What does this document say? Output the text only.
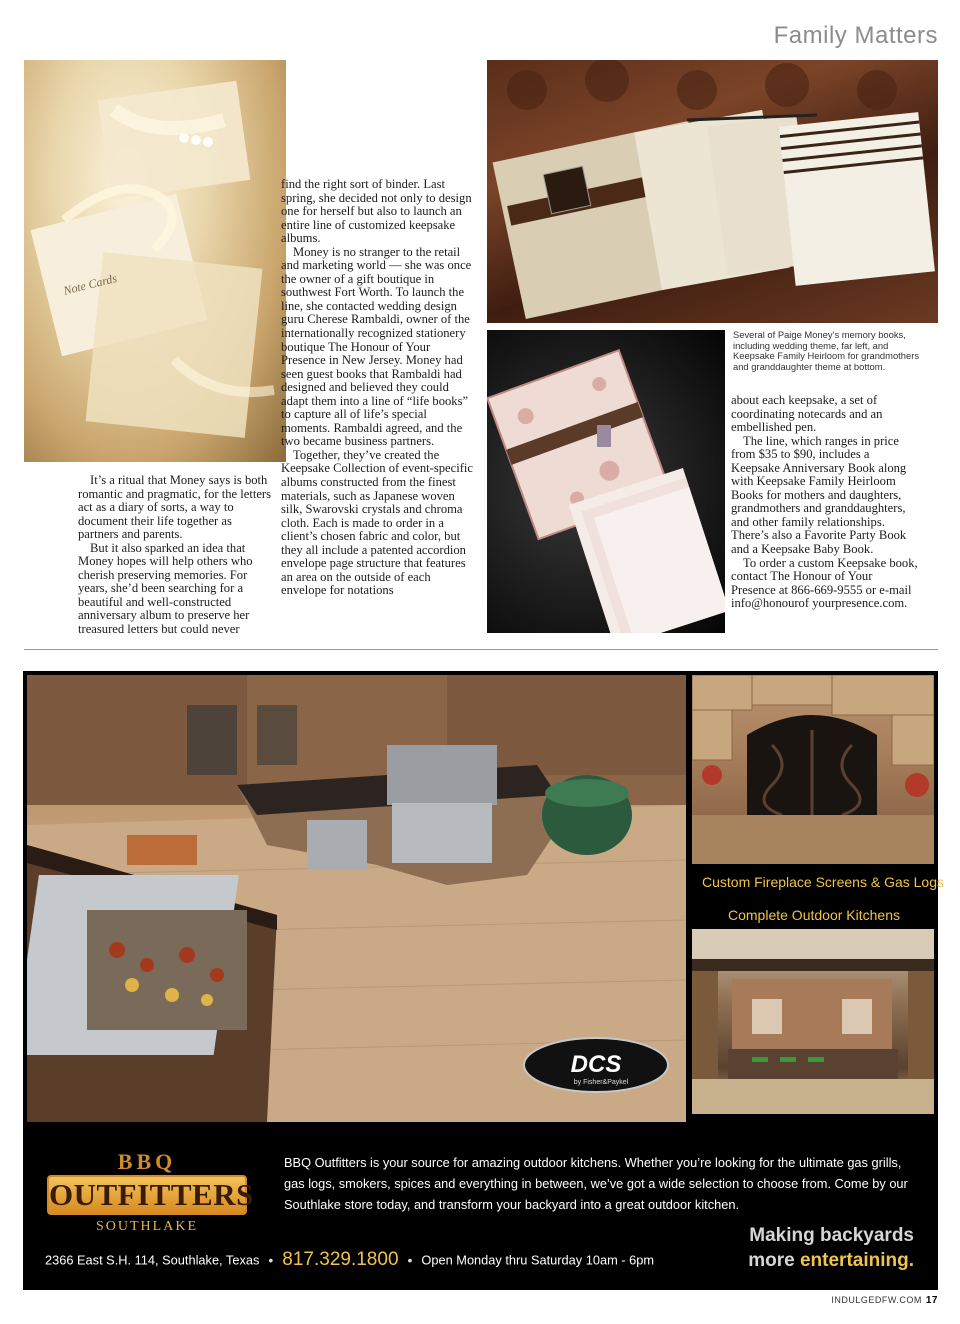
Family Matters
Note Cards
Several of Paige Money’s memory books, including wedding theme, far left, and Keepsake Family Heirloom for grandmothers and granddaughter theme at bottom.

find the right sort of binder. Last spring, she decided not only to design one for herself but also to launch an entire line of customized keepsake albums.

Money is no stranger to the retail and marketing world — she was once the owner of a gift boutique in southwest Fort Worth. To launch the line, she contacted wedding design guru Cherese Rambaldi, owner of the internationally recognized stationery boutique The Honour of Your Presence in New Jersey. Money had seen guest books that Rambaldi had designed and believed they could adapt them into a line of “life books” to capture all of life’s special moments. Rambaldi agreed, and the two became business partners.

Together, they’ve created the Keepsake Collection of event-specific albums constructed from the finest materials, such as Japanese woven silk, Swarovski crystals and chroma cloth. Each is made to order in a client’s chosen fabric and color, but they all include a patented accordion envelope page structure that features an area on the outside of each envelope for notations

It’s a ritual that Money says is both romantic and pragmatic, for the letters act as a diary of sorts, a way to document their life together as partners and parents.

But it also sparked an idea that Money hopes will help others who cherish preserving memories. For years, she’d been searching for a beautiful and well-constructed anniversary album to preserve her treasured letters but could never

about each keepsake, a set of coordinating notecards and an embellished pen.

The line, which ranges in price from $35 to $90, includes a Keepsake Anniversary Book along with Keepsake Family Heirloom Books for mothers and daughters, grandmothers and granddaughters, and other family relationships. There’s also a Favorite Party Book and a Keepsake Baby Book.

To order a custom Keepsake book, contact The Honour of Your Presence at 866-669-9555 or e-mail info@honourof yourpresence.com.

DCS
by Fisher&Paykel
Custom Fireplace Screens & Gas Logs
Complete Outdoor Kitchens
BBQ
OUTFITTERS
SOUTHLAKE
BBQ Outfitters is your source for amazing outdoor kitchens. Whether you’re looking for the ultimate gas grills, gas logs, smokers, spices and everything in between, we’ve got a wide selection to choose from. Come by our Southlake store today, and transform your backyard into a great outdoor kitchen.
Making backyards
more entertaining.
2366 East S.H. 114, Southlake, Texas • 817.329.1800 • Open Monday thru Saturday 10am - 6pm
INDULGEDFW.COM 17
